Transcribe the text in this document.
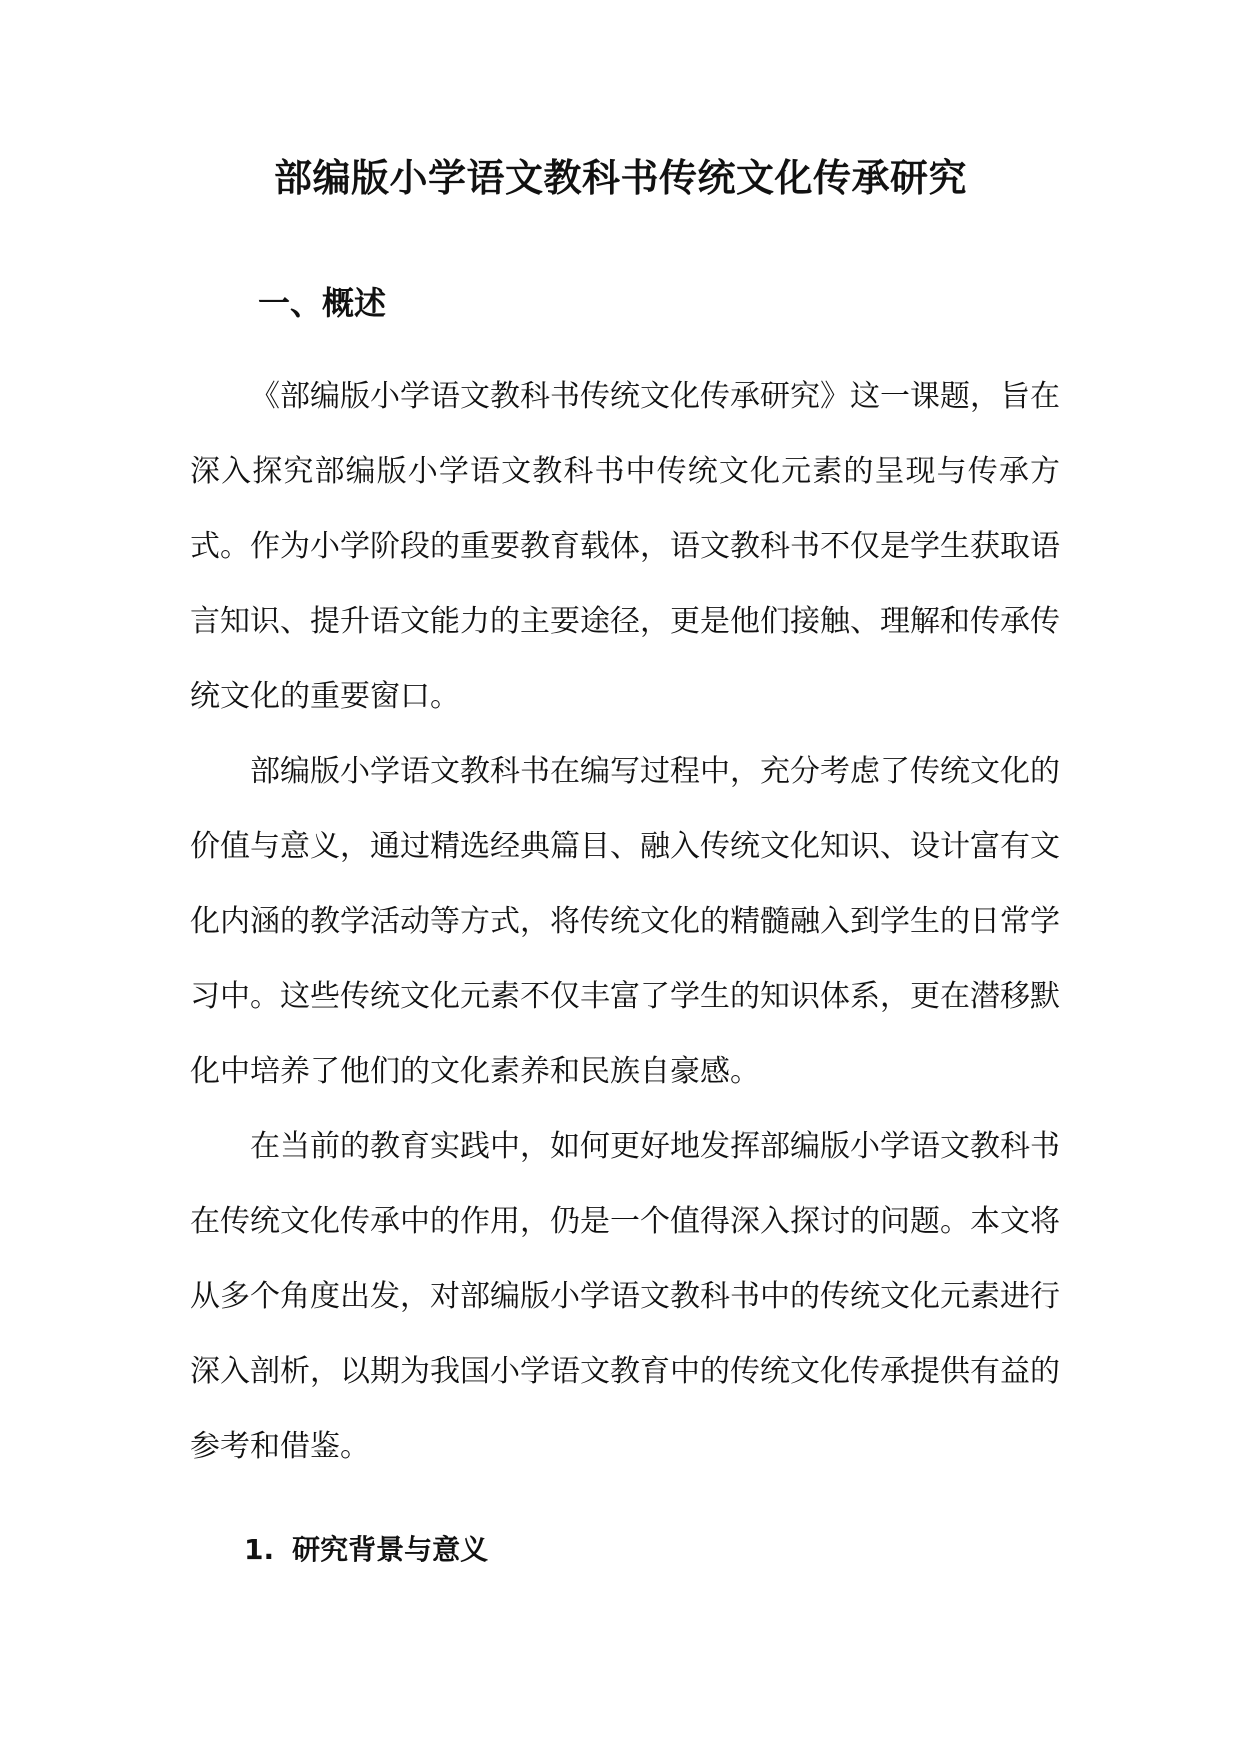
部编版小学语文教科书传统文化传承研究
一、概述

《部编版小学语文教科书传统文化传承研究》这一课题，旨在深入探究部编版小学语文教科书中传统文化元素的呈现与传承方式。作为小学阶段的重要教育载体，语文教科书不仅是学生获取语言知识、提升语文能力的主要途径，更是他们接触、理解和传承传统文化的重要窗口。

部编版小学语文教科书在编写过程中，充分考虑了传统文化的价值与意义，通过精选经典篇目、融入传统文化知识、设计富有文化内涵的教学活动等方式，将传统文化的精髓融入到学生的日常学习中。这些传统文化元素不仅丰富了学生的知识体系，更在潜移默化中培养了他们的文化素养和民族自豪感。

在当前的教育实践中，如何更好地发挥部编版小学语文教科书在传统文化传承中的作用，仍是一个值得深入探讨的问题。本文将从多个角度出发，对部编版小学语文教科书中的传统文化元素进行深入剖析，以期为我国小学语文教育中的传统文化传承提供有益的参考和借鉴。

1. 研究背景与意义
